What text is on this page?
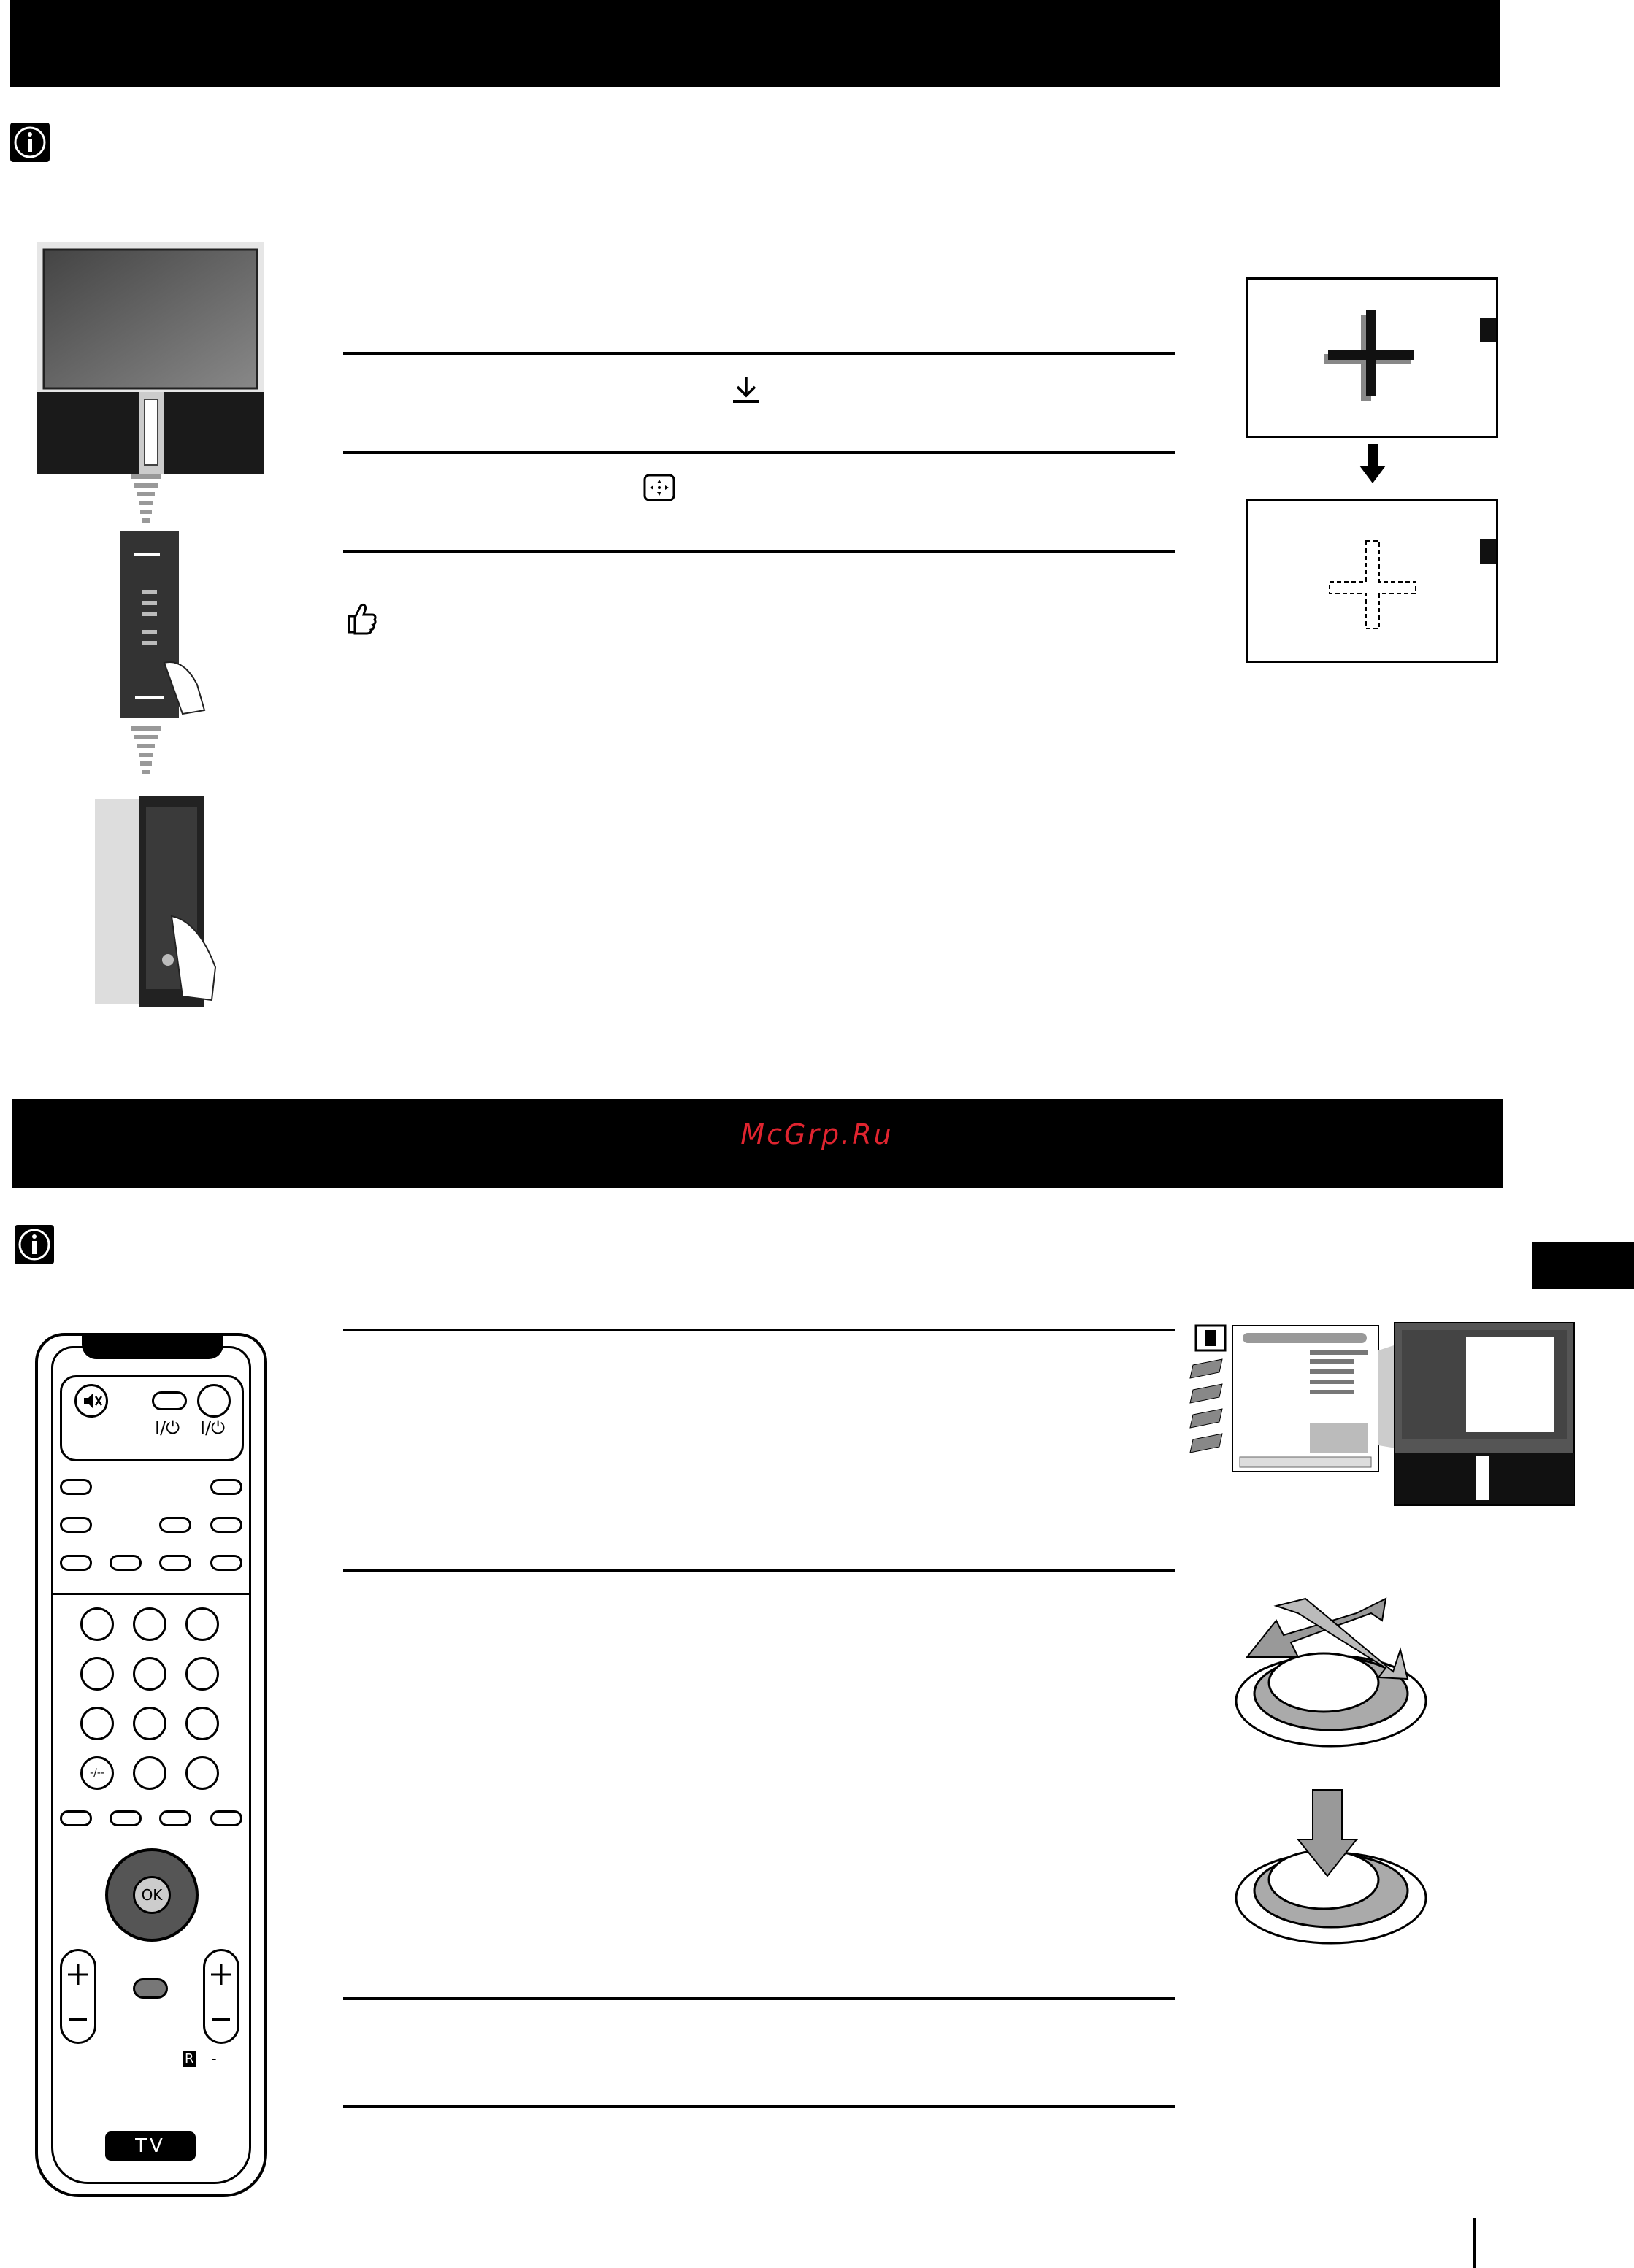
McGrp.Ru
I/⏻ I/⏻
-/--
OK
R -
TV
